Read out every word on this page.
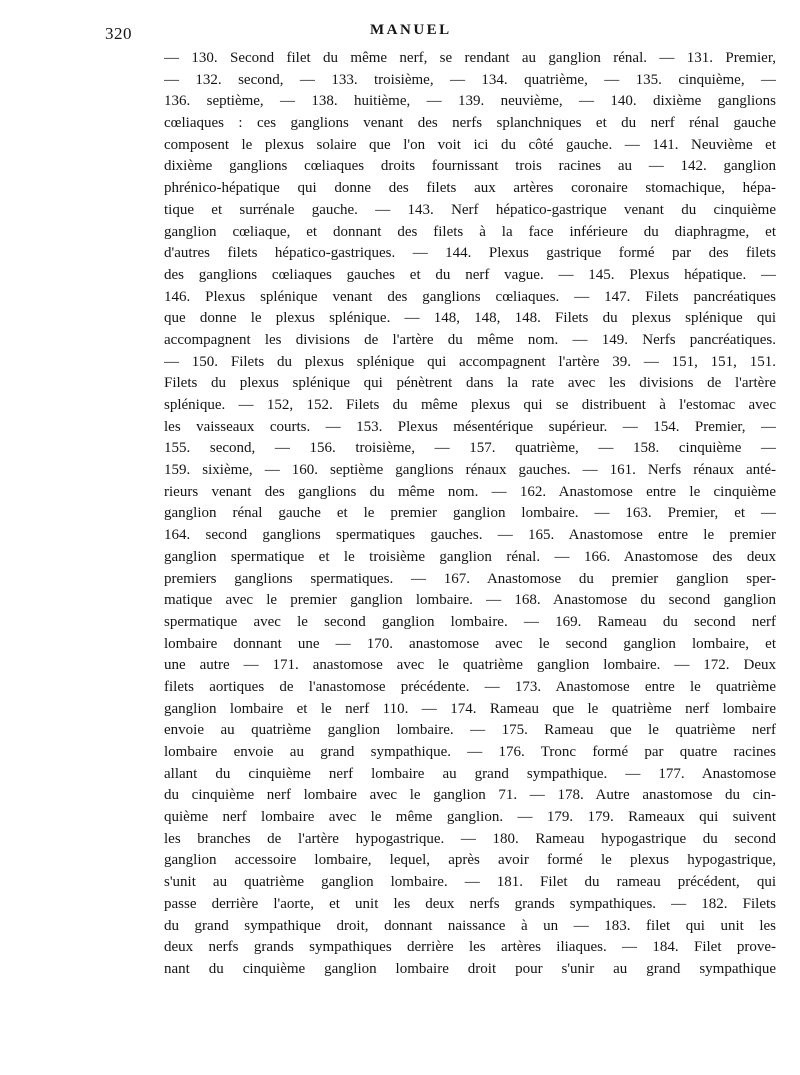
320	MANUEL
— 130. Second filet du même nerf, se rendant au ganglion rénal. — 131. Premier,
— 132. second, — 133. troisième, — 134. quatrième, — 135. cinquième, —
136. septième, — 138. huitième, — 139. neuvième, — 140. dixième ganglions
cœliaques : ces ganglions venant des nerfs splanchniques et du nerf rénal gauche
composent le plexus solaire que l'on voit ici du côté gauche. — 141. Neuvième et
dixième ganglions cœliaques droits fournissant trois racines au — 142. ganglion
phrénico-hépatique qui donne des filets aux artères coronaire stomachique, hépa-
tique et surrénale gauche. — 143. Nerf hépatico-gastrique venant du cinquième
ganglion cœliaque, et donnant des filets à la face inférieure du diaphragme, et
d'autres filets hépatico-gastriques. — 144. Plexus gastrique formé par des filets
des ganglions cœliaques gauches et du nerf vague. — 145. Plexus hépatique. —
146. Plexus splénique venant des ganglions cœliaques. — 147. Filets pancréatiques
que donne le plexus splénique. — 148, 148, 148. Filets du plexus splénique qui
accompagnent les divisions de l'artère du même nom. — 149. Nerfs pancréatiques.
— 150. Filets du plexus splénique qui accompagnent l'artère 39. — 151, 151, 151.
Filets du plexus splénique qui pénètrent dans la rate avec les divisions de l'artère
splénique. — 152, 152. Filets du même plexus qui se distribuent à l'estomac avec
les vaisseaux courts. — 153. Plexus mésentérique supérieur. — 154. Premier, —
155. second, — 156. troisième, — 157. quatrième, — 158. cinquième —
159. sixième, — 160. septième ganglions rénaux gauches. — 161. Nerfs rénaux anté-
rieurs venant des ganglions du même nom. — 162. Anastomose entre le cinquième
ganglion rénal gauche et le premier ganglion lombaire. — 163. Premier, et —
164. second ganglions spermatiques gauches. — 165. Anastomose entre le premier
ganglion spermatique et le troisième ganglion rénal. — 166. Anastomose des deux
premiers ganglions spermatiques. — 167. Anastomose du premier ganglion sper-
matique avec le premier ganglion lombaire. — 168. Anastomose du second ganglion
spermatique avec le second ganglion lombaire. — 169. Rameau du second nerf
lombaire donnant une — 170. anastomose avec le second ganglion lombaire, et
une autre — 171. anastomose avec le quatrième ganglion lombaire. — 172. Deux
filets aortiques de l'anastomose précédente. — 173. Anastomose entre le quatrième
ganglion lombaire et le nerf 110. — 174. Rameau que le quatrième nerf lombaire
envoie au quatrième ganglion lombaire. — 175. Rameau que le quatrième nerf
lombaire envoie au grand sympathique. — 176. Tronc formé par quatre racines
allant du cinquième nerf lombaire au grand sympathique. — 177. Anastomose
du cinquième nerf lombaire avec le ganglion 71. — 178. Autre anastomose du cin-
quième nerf lombaire avec le même ganglion. — 179. 179. Rameaux qui suivent
les branches de l'artère hypogastrique. — 180. Rameau hypogastrique du second
ganglion accessoire lombaire, lequel, après avoir formé le plexus hypogastrique,
s'unit au quatrième ganglion lombaire. — 181. Filet du rameau précédent, qui
passe derrière l'aorte, et unit les deux nerfs grands sympathiques. — 182. Filets
du grand sympathique droit, donnant naissance à un — 183. filet qui unit les
deux nerfs grands sympathiques derrière les artères iliaques. — 184. Filet prove-
nant du cinquième ganglion lombaire droit pour s'unir au grand sympathique
